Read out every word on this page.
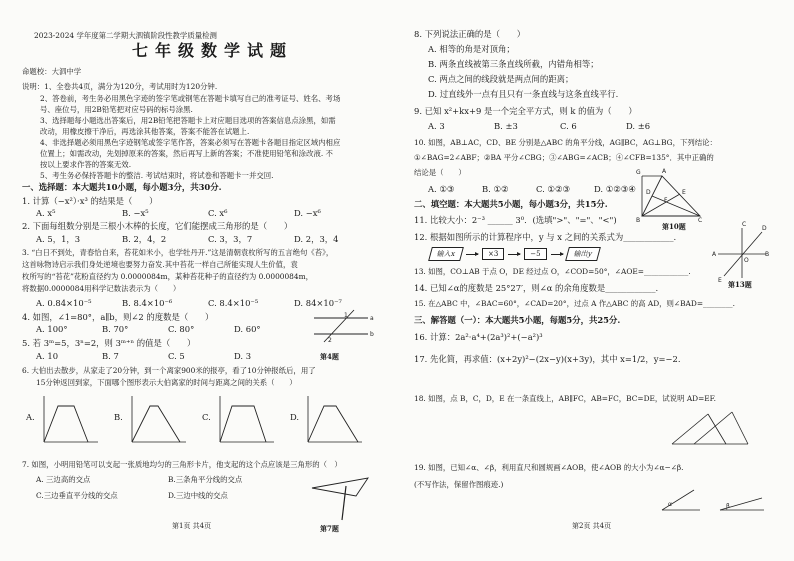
2023-2024 学年度第二学期大泗镇阶段性教学质量检测
七年级数学试题
命题校：大泗中学
说明：1、全卷共4页，满分为120分，考试用时为120分钟.
2、答卷前，考生务必用黑色字迹的签字笔或钢笔在答题卡填写自己的准考证号、姓名、考场
号、座位号，用2B铅笔把对应号码的标号涂黑.
3、选择题每小题选出答案后，用2B铅笔把答题卡上对应题目选项的答案信息点涂黑，如需
改动，用橡皮擦干净后，再选涂其他答案，答案不能答在试题上.
4、非选择题必须用黑色字迹钢笔或签字笔作答，答案必须写在答题卡各题目指定区域内相应
位置上；如需改动，先划掉原来的答案，然后再写上新的答案；不准使用铅笔和涂改液. 不
按以上要求作答的答案无效.
5、考生务必保持答题卡的整洁. 考试结束时，将试卷和答题卡一并交回.
一、选择题：本大题共10小题，每小题3分，共30分.
1. 计算（−x²）·x³ 的结果是（　　）
A. x⁵	B. −x⁵	C. x⁶	D. −x⁶
2. 下面每组数分别是三根小木棒的长度，它们能摆成三角形的是（　　）
A. 5，1，3	B. 2，4，2	C. 3，3，7	D. 2，3，4
3. “白日不到处，青春恰自来，苔花如米小，也学牡丹开.”这是清朝袁枚所写的五言绝句《苔》，
这首咏物诗启示我们身处逆境也要努力奋发.其中苔花一样自己所能实现人生价值，袁
枚所写的“苔花”花粉直径约为 0.0000084m，某种苔花种子的直径约为 0.0000084m，
将数据0.0000084用科学记数法表示为（　　）
A. 0.84×10⁻⁵	B. 8.4×10⁻⁶	C. 8.4×10⁻⁵	D. 84×10⁻⁷
4. 如图，∠1=80°，a∥b，则∠2 的度数是（　　）
A. 100°	B. 70°	C. 80°	D. 60°
a
b
1
2
第4题
5. 若 3ᵐ=5，3ⁿ=2，则 3ᵐ⁺ⁿ 的值是（　　）
A. 10	B. 7	C. 5	D. 3
6. 大伯出去散步，从家走了20分钟，到一个离家900米的报亭，看了10分钟报纸后，用了
15分钟返回到家，下面哪个图形表示大伯离家的时间与距离之间的关系（　　）
A.	B.	C.	D.
7. 如图，小明用铅笔可以支起一张质地均匀的三角形卡片，他支起的这个点应该是三角形的（　）
A. 三边高的交点	B.三条角平分线的交点
C.三边垂直平分线的交点	D.三边中线的交点
第7题
第1页 共4页
8. 下列说法正确的是（　　）
A. 相等的角是对顶角；
B. 两条直线被第三条直线所截，内错角相等；
C. 两点之间的线段就是两点间的距离；
D. 过直线外一点有且只有一条直线与这条直线平行.
9. 已知 x²+kx+9 是一个完全平方式，则 k 的值为（　　）
A. 3	B. ±3	C. 6	D. ±6
10. 如图，AB⊥AC，CD、BE 分别是△ABC 的角平分线，AG∥BC，AG⊥BG，下列结论：
①∠BAG=2∠ABF；②BA 平分∠CBG；③∠ABG=∠ACB；④∠CFB=135°．其中正确的
结论是（　　）
A. ①③	B. ①②	C. ①②③	D. ①②③④
G	A
B	C
E
F
D
第10题
二、填空题：本大题共5小题，每小题3分，共15分.
11. 比较大小：2⁻³ ______ 3⁰．(选填">"、"="、"<")
12. 根据如图所示的计算程序中，y 与 x 之间的关系式为____________.
输入x	×3	−5	输出y
13. 如图，CO⊥AB 于点 O，DE 经过点 O，∠COD=50°，∠AOE=____________.
C
D
A	B
O
E 第13题
14. 已知∠α的度数是 25°27′，则∠α 的余角度数是____________.
15. 在△ABC 中，∠BAC=60°，∠CAD=20°，过点 A 作△ABC 的高 AD，则∠BAD=________.
三、解答题（一）：本大题共5小题，每题5分，共25分.
16. 计算：2a²·a⁴+(2a³)²+(−a²)³
17. 先化简，再求值：(x+2y)²−(2x−y)(x+3y)，其中 x=1/2，y=−2.
18. 如图，点 B，C，D，E 在一条直线上，AB∥FC，AB=FC，BC=DE，试说明 AD=EF.
19. 如图，已知∠α、∠β，利用直尺和圆规画∠AOB，使∠AOB 的大小为∠α−∠β.
(不写作法，保留作图痕迹.)
α	β
第2页 共4页
